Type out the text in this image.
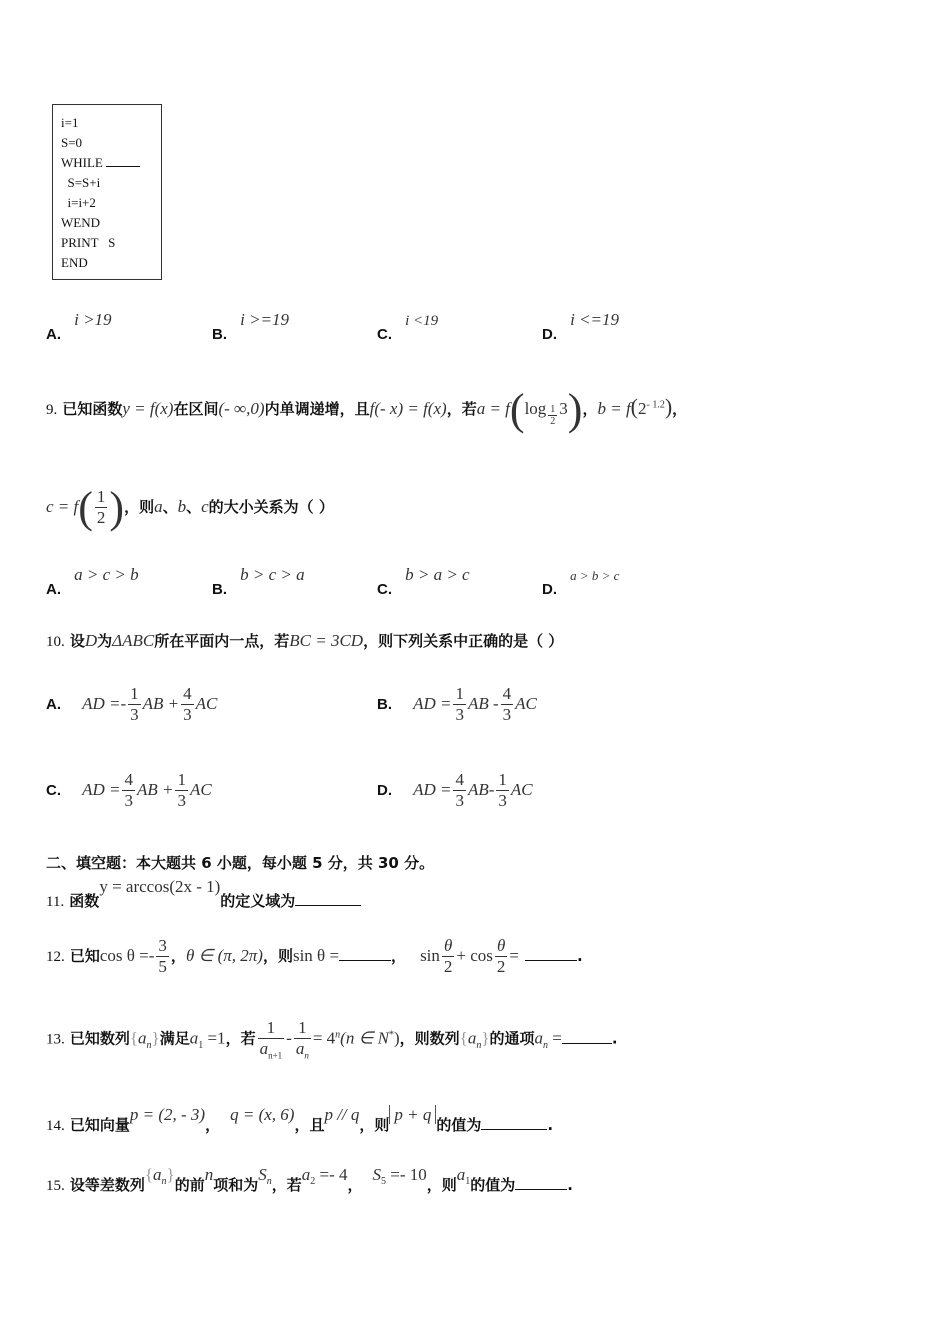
i=1
S=0
WHILE
S=S+i
i=i+2
WEND
PRINT   S
END
A. i >19
B. i >=19
C. i <19
D. i <=19
9. 已知函数y = f(x)在区间(- ∞,0)内单调递增，且f(- x) = f(x)，若$a = f(\log \frac{1}{2} 3)$，$b = f(2^{- 1.2})$，
$c = f( \frac{1}{2}$ )，则a、b、c的大小关系为（ ）
A. a > c > b
B. b > c > a
C. b > a > c
D. a > b > c
10. 设D为ΔABC所在平面内一点，若BC = 3CD，则下列关系中正确的是（ ）
A. AD =- $\frac{1}{3}$ AB + $\frac{4}{3}$ AC	B. AD = $\frac{1}{3}$ AB - $\frac{4}{3}$ AC
C. AD = $\frac{4}{3}$ AB + $\frac{1}{3}$ AC	D. AD = $\frac{4}{3} AB- \frac{1}{3}$ AC
二、填空题：本大题共 6 小题，每小题 5 分，共 30 分。
11. 函数y = arccos(2x - 1)的定义域为
12. 已知$\cos \theta =- \frac{3}{5}$ ，θ ∈ (π, 2π)，则sin θ =	， $\sin \frac{\theta}{2} + \cos \frac{\theta}{2}$ =	.
13. 已知数列$\{a_n\}$满足$a_1 =1$，若 $\frac{1}{a_{n+1}} - \frac{1}{a_n} = 4^n(n$ ∈ N*)，则数列$\{a_n\}$的通项$a_n$ =	.
14. 已知向量p = (2, - 3)，q = (x, 6)，且p // q，则p + q的值为	.
15. 设等差数列$\{a_n\}$的前n项和为$S_n$，若$a_2 =- 4$，$S_5 =- 10$，则$a_1$的值为	.
